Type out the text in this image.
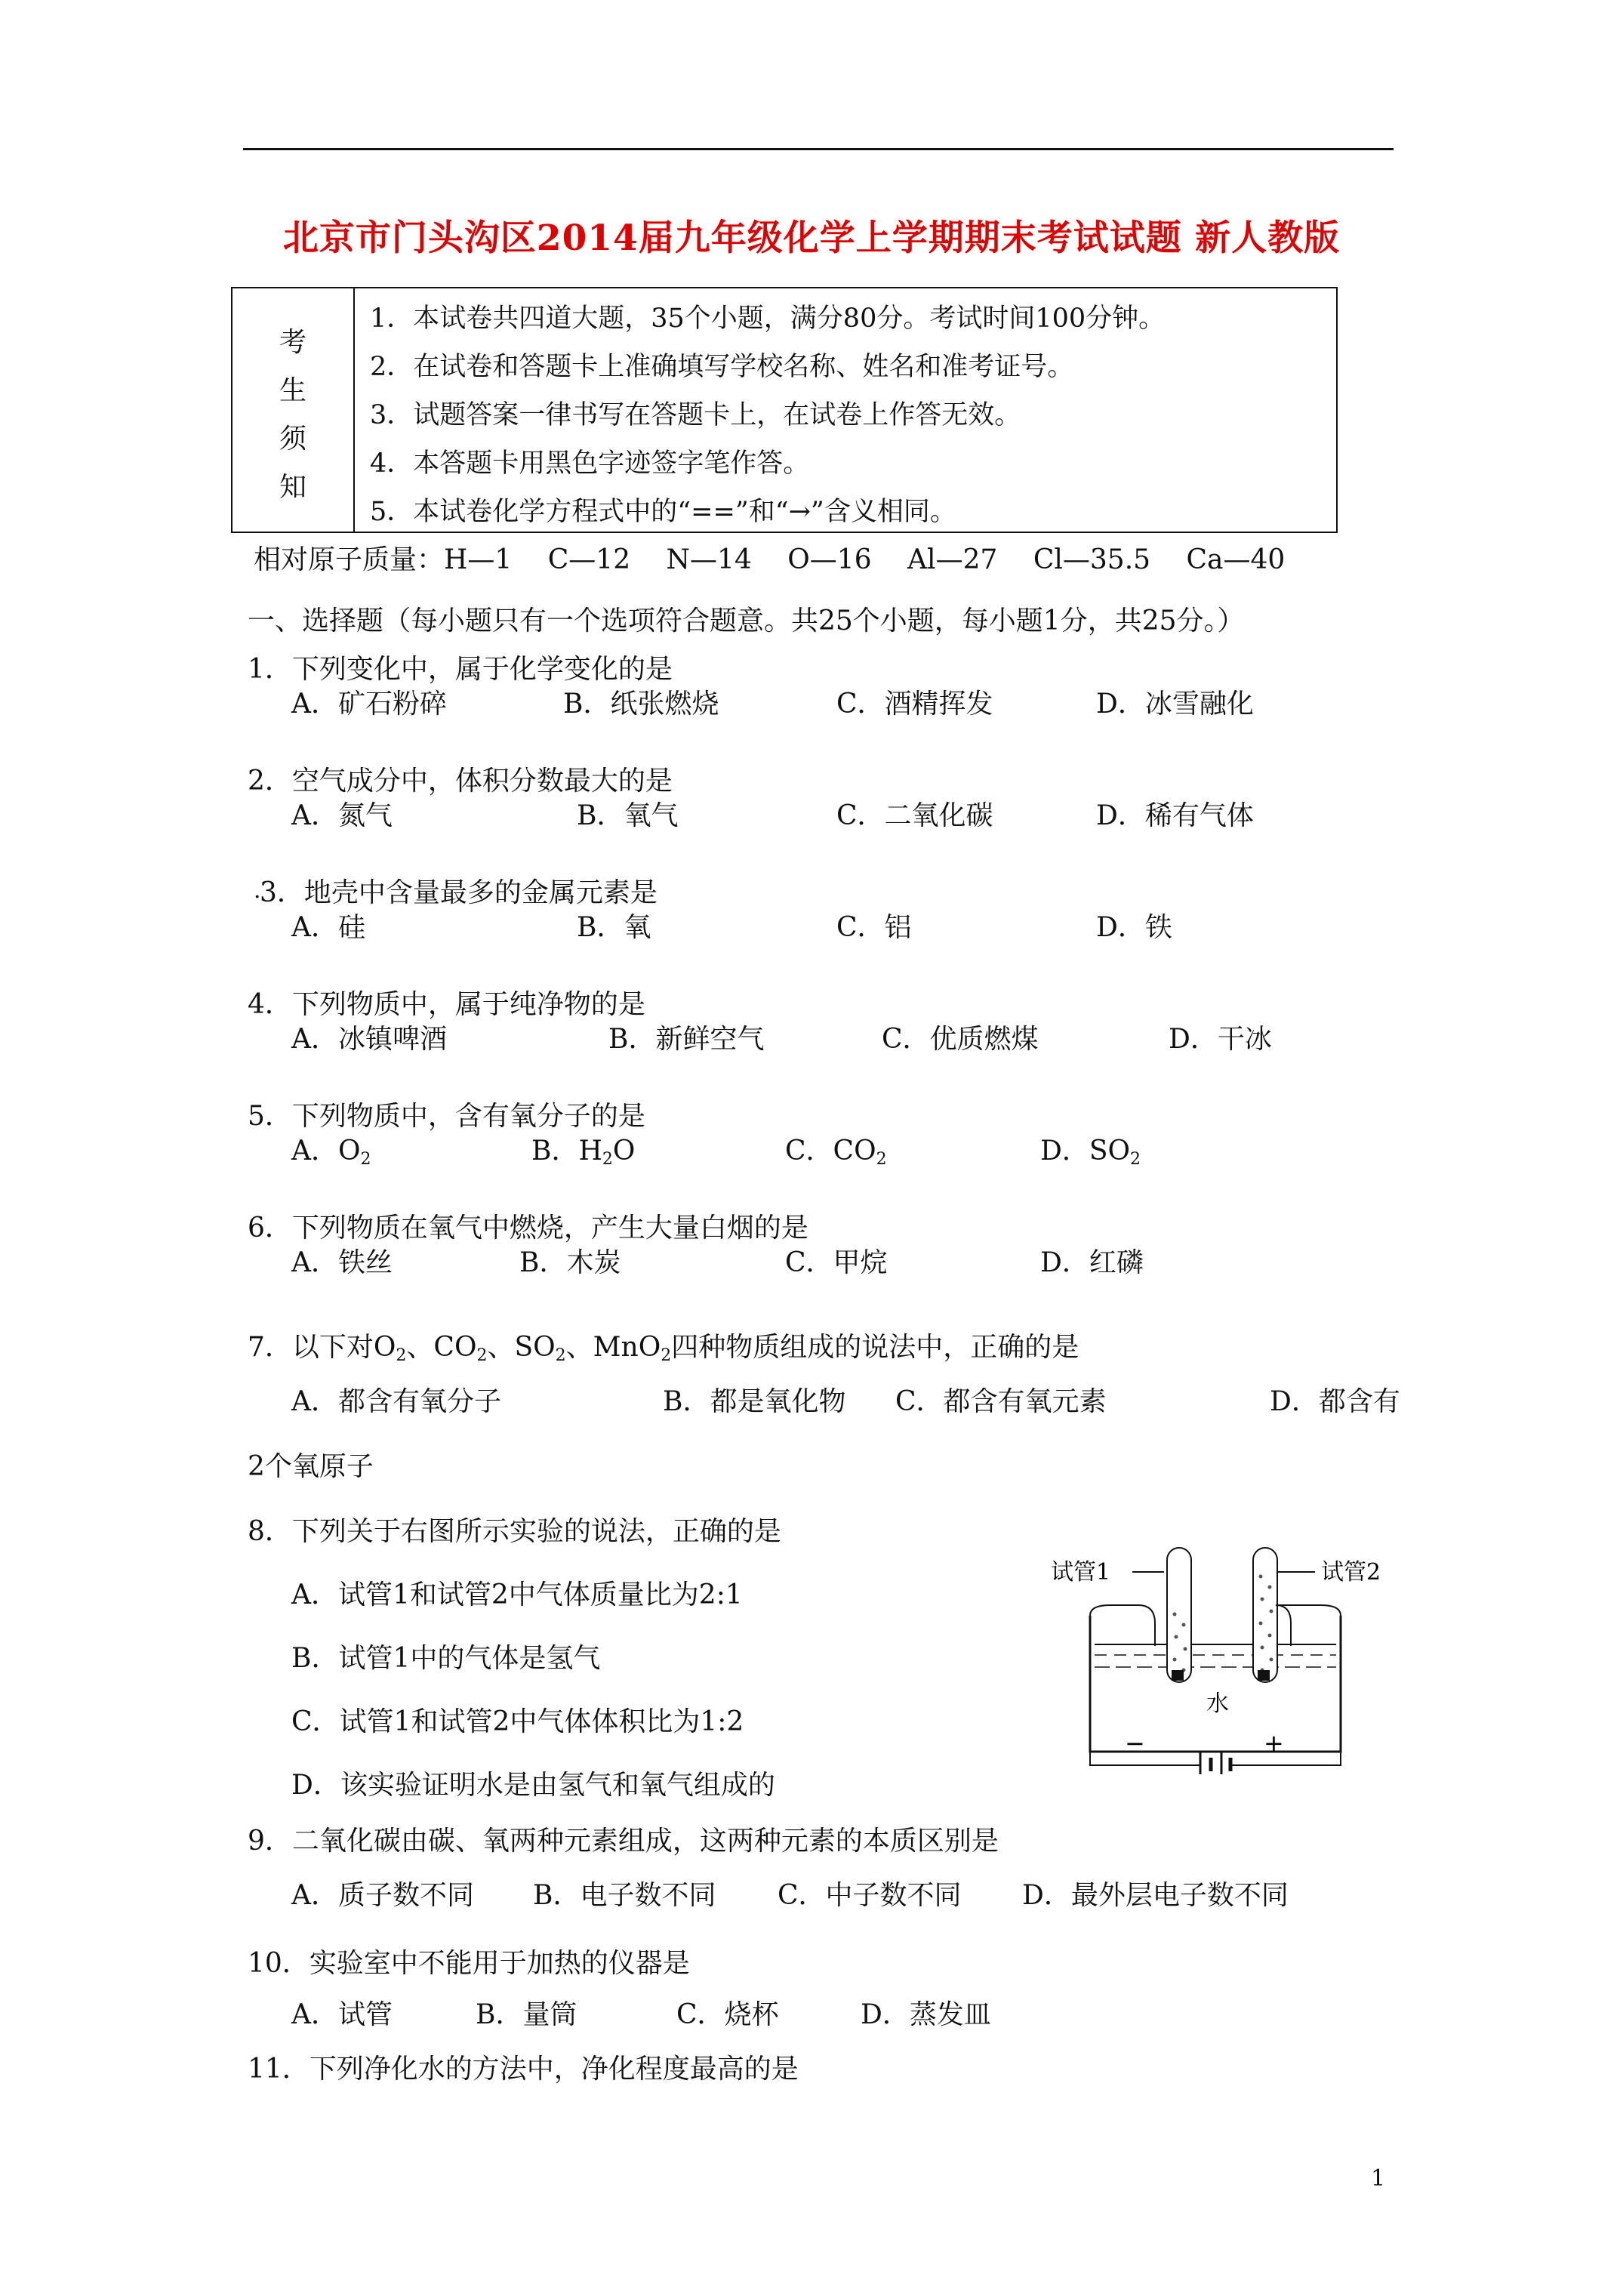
北京市门头沟区2014届九年级化学上学期期末考试试题 新人教版
考
生
须
知
1．本试卷共四道大题，35个小题，满分80分。考试时间100分钟。
2．在试卷和答题卡上准确填写学校名称、姓名和准考证号。
3．试题答案一律书写在答题卡上，在试卷上作答无效。
4．本答题卡用黑色字迹签字笔作答。
5．本试卷化学方程式中的“==”和“→”含义相同。
相对原子质量：H—1　 C—12　 N—14　 O—16　 Al—27　 Cl—35.5　 Ca—40
一、选择题（每小题只有一个选项符合题意。共25个小题，每小题1分，共25分。）
1．下列变化中，属于化学变化的是
A．矿石粉碎	B．纸张燃烧	C．酒精挥发	D．冰雪融化
2．空气成分中，体积分数最大的是
A．氮气	B．氧气	C．二氧化碳	D．稀有气体
.
3．地壳中含量最多的金属元素是
A．硅	B．氧	C．铝	D．铁
4．下列物质中，属于纯净物的是
A．冰镇啤酒	B．新鲜空气	C．优质燃煤	D．干冰
5．下列物质中，含有氧分子的是
A．$O_2$	B．$H_2O$	C．$CO_2$	D．$SO_2$
6．下列物质在氧气中燃烧，产生大量白烟的是
A．铁丝	B．木炭	C．甲烷	D．红磷
7．以下对$O_2$、$CO_2$、$SO_2$、MnO$_2$四种物质组成的说法中，正确的是
A．都含有氧分子	B．都是氧化物 C．都含有氧元素	D．都含有
2个氧原子
8．下列关于右图所示实验的说法，正确的是
A．试管1和试管2中气体质量比为2:1
B．试管1中的气体是氢气
C．试管1和试管2中气体体积比为1:2
D．该实验证明水是由氢气和氧气组成的
试管1	试管2
水
−	+
9．二氧化碳由碳、氧两种元素组成，这两种元素的本质区别是
A．质子数不同 B．电子数不同 C．中子数不同 D．最外层电子数不同
10．实验室中不能用于加热的仪器是
A．试管	B．量筒	C．烧杯	D．蒸发皿
11．下列净化水的方法中，净化程度最高的是
1
